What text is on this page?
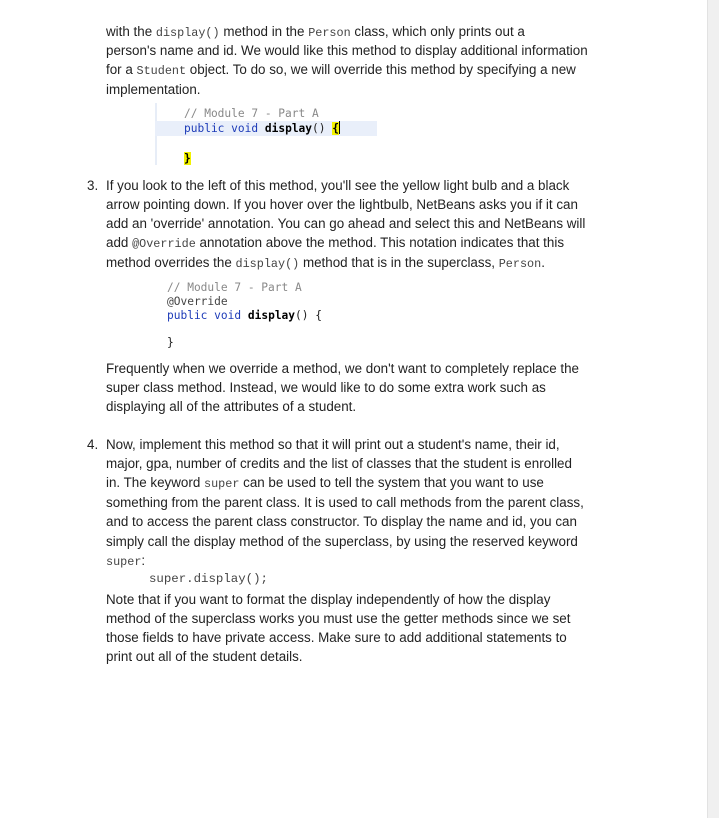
with the display() method in the Person class, which only prints out a
person's name and id. We would like this method to display additional information
for a Student object. To do so, we will override this method by specifying a new
implementation.
// Module 7 - Part A
public void display() {
}
3. If you look to the left of this method, you'll see the yellow light bulb and a black
arrow pointing down. If you hover over the lightbulb, NetBeans asks you if it can
add an 'override' annotation. You can go ahead and select this and NetBeans will
add @Override annotation above the method. This notation indicates that this
method overrides the display() method that is in the superclass, Person.
// Module 7 - Part A
@Override
public void display() {
}
Frequently when we override a method, we don't want to completely replace the
super class method. Instead, we would like to do some extra work such as
displaying all of the attributes of a student.
4. Now, implement this method so that it will print out a student's name, their id,
major, gpa, number of credits and the list of classes that the student is enrolled
in. The keyword super can be used to tell the system that you want to use
something from the parent class. It is used to call methods from the parent class,
and to access the parent class constructor. To display the name and id, you can
simply call the display method of the superclass, by using the reserved keyword
super:
super.display();
Note that if you want to format the display independently of how the display
method of the superclass works you must use the getter methods since we set
those fields to have private access. Make sure to add additional statements to
print out all of the student details.
